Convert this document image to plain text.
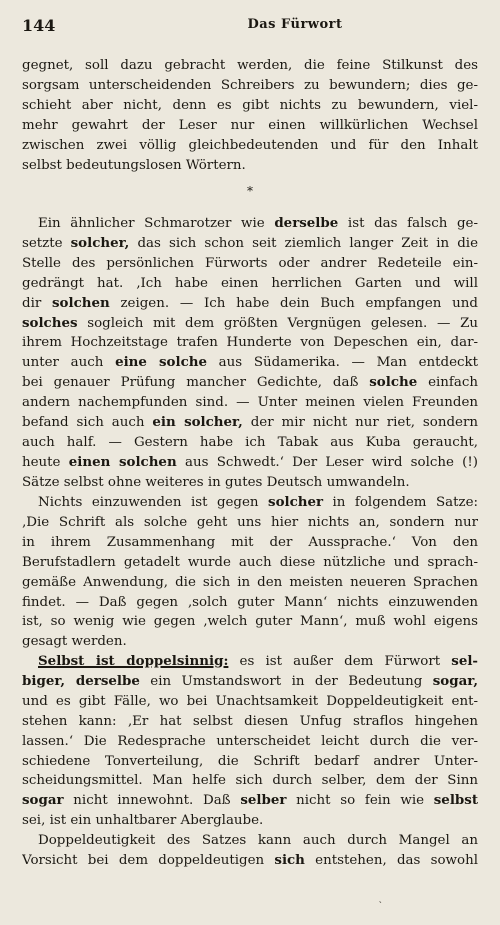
144	Das Fürwort
gegnet, soll dazu gebracht werden, die feine Stilkunst des
sorgsam unterscheidenden Schreibers zu bewundern; dies ge-
schieht aber nicht, denn es gibt nichts zu bewundern, viel-
mehr gewahrt der Leser nur einen willkürlichen Wechsel
zwischen zwei völlig gleichbedeutenden und für den Inhalt
selbst bedeutungslosen Wörtern.
*
Ein ähnlicher Schmarotzer wie derselbe ist das falsch ge-
setzte solcher, das sich schon seit ziemlich langer Zeit in die
Stelle des persönlichen Fürworts oder andrer Redeteile ein-
gedrängt hat. ‚Ich habe einen herrlichen Garten und will
dir solchen zeigen. — Ich habe dein Buch empfangen und
solches sogleich mit dem größten Vergnügen gelesen. — Zu
ihrem Hochzeitstage trafen Hunderte von Depeschen ein, dar-
unter auch eine solche aus Südamerika. — Man entdeckt
bei genauer Prüfung mancher Gedichte, daß solche einfach
andern nachempfunden sind. — Unter meinen vielen Freunden
befand sich auch ein solcher, der mir nicht nur riet, sondern
auch half. — Gestern habe ich Tabak aus Kuba geraucht,
heute einen solchen aus Schwedt.‘ Der Leser wird solche (!)
Sätze selbst ohne weiteres in gutes Deutsch umwandeln.
Nichts einzuwenden ist gegen solcher in folgendem Satze:
‚Die Schrift als solche geht uns hier nichts an, sondern nur
in ihrem Zusammenhang mit der Aussprache.‘ Von den
Berufstadlern getadelt wurde auch diese nützliche und sprach-
gemäße Anwendung, die sich in den meisten neueren Sprachen
findet. — Daß gegen ‚solch guter Mann‘ nichts einzuwenden
ist, so wenig wie gegen ‚welch guter Mann‘, muß wohl eigens
gesagt werden.
Selbst ist doppelsinnig: es ist außer dem Fürwort sel-
biger, derselbe ein Umstandswort in der Bedeutung sogar,
und es gibt Fälle, wo bei Unachtsamkeit Doppeldeutigkeit ent-
stehen kann: ‚Er hat selbst diesen Unfug straflos hingehen
lassen.‘ Die Redesprache unterscheidet leicht durch die ver-
schiedene Tonverteilung, die Schrift bedarf andrer Unter-
scheidungsmittel. Man helfe sich durch selber, dem der Sinn
sogar nicht innewohnt. Daß selber nicht so fein wie selbst
sei, ist ein unhaltbarer Aberglaube.
Doppeldeutigkeit des Satzes kann auch durch Mangel an
Vorsicht bei dem doppeldeutigen sich entstehen, das sowohl
˴
